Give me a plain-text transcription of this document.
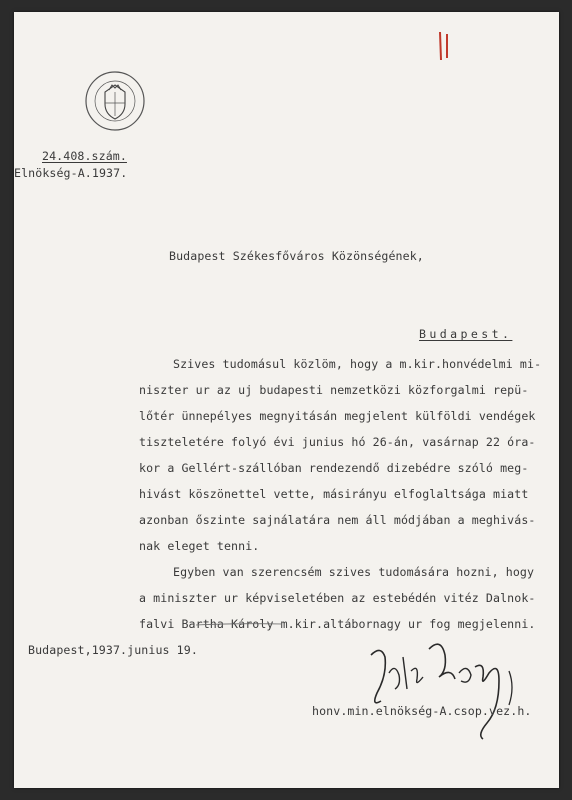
24.408.szám.
Elnökség-A.1937.
Budapest Székesfőváros Közönségének,
Budapest.
Szives tudomásul közlöm, hogy a m.kir.honvédelmi mi-
niszter ur az uj budapesti nemzetközi közforgalmi repü-
lőtér ünnepélyes megnyitásán megjelent külföldi vendégek
tiszteletére folyó évi junius hó 26-án, vasárnap 22 óra-
kor a Gellért-szállóban rendezendő dizebédre szóló meg-
hivást köszönettel vette, másirányu elfoglaltsága miatt
azonban őszinte sajnálatára nem áll módjában a meghivás-
nak eleget tenni.
Egyben van szerencsém szives tudomására hozni, hogy
a miniszter ur képviseletében az estebédén vitéz Dalnok-
falvi Bartha Károly m.kir.altábornagy ur fog megjelenni.
Budapest,1937.junius 19.
honv.min.elnökség-A.csop.vez.h.
